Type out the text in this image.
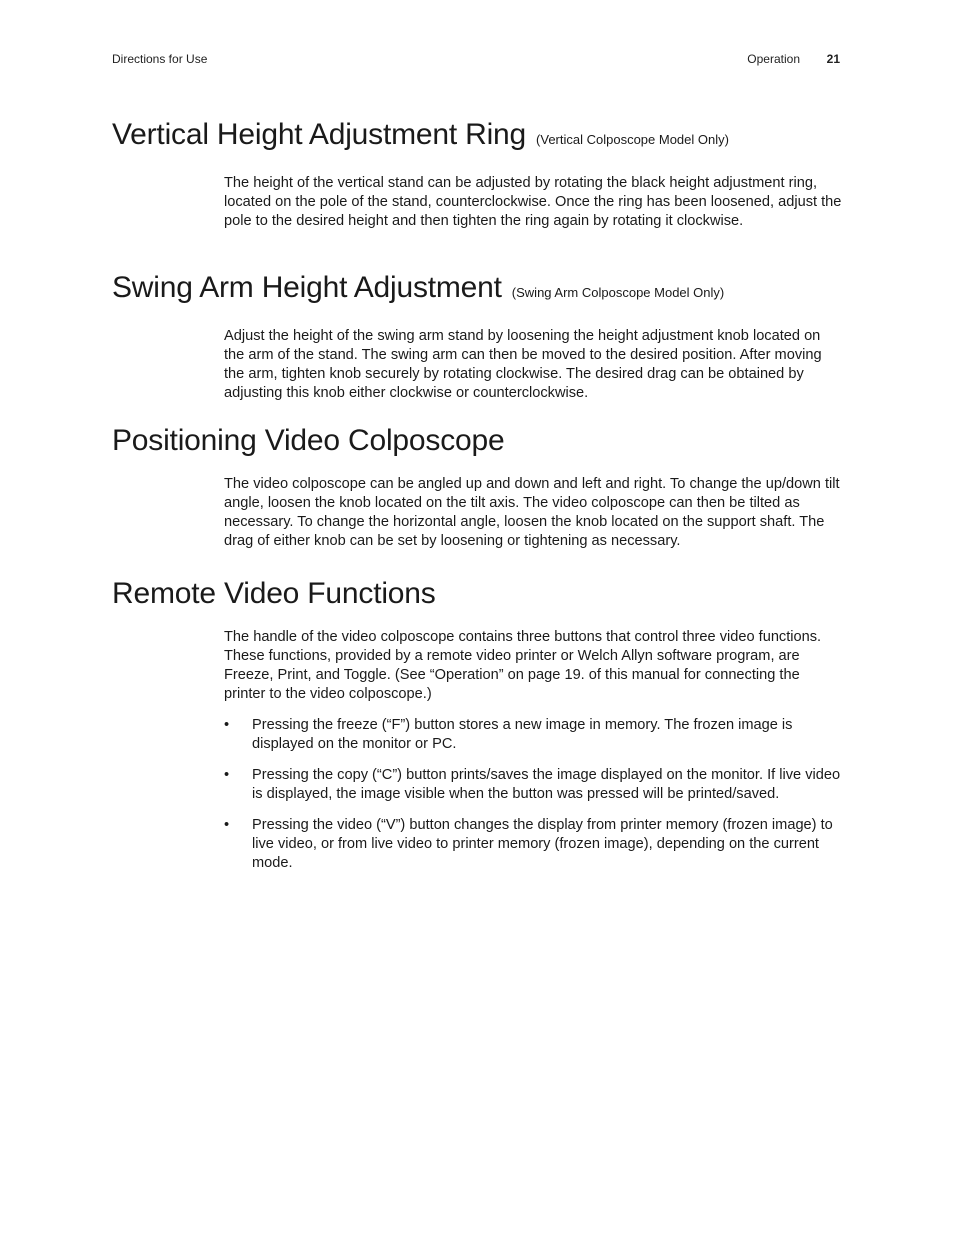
Directions for Use	Operation 21
Vertical Height Adjustment Ring (Vertical Colposcope Model Only)

The height of the vertical stand can be adjusted by rotating the black height adjustment ring, located on the pole of the stand, counterclockwise. Once the ring has been loosened, adjust the pole to the desired height and then tighten the ring again by rotating it clockwise.

Swing Arm Height Adjustment (Swing Arm Colposcope Model Only)

Adjust the height of the swing arm stand by loosening the height adjustment knob located on the arm of the stand. The swing arm can then be moved to the desired position. After moving the arm, tighten knob securely by rotating clockwise. The desired drag can be obtained by adjusting this knob either clockwise or counterclockwise.

Positioning Video Colposcope

The video colposcope can be angled up and down and left and right. To change the up/down tilt angle, loosen the knob located on the tilt axis. The video colposcope can then be tilted as necessary. To change the horizontal angle, loosen the knob located on the support shaft. The drag of either knob can be set by loosening or tightening as necessary.

Remote Video Functions

The handle of the video colposcope contains three buttons that control three video functions. These functions, provided by a remote video printer or Welch Allyn software program, are Freeze, Print, and Toggle. (See “Operation” on page 19. of this manual for connecting the printer to the video colposcope.)

• Pressing the freeze (“F”) button stores a new image in memory. The frozen image is displayed on the monitor or PC.
• Pressing the copy (“C”) button prints/saves the image displayed on the monitor. If live video is displayed, the image visible when the button was pressed will be printed/saved.
• Pressing the video (“V”) button changes the display from printer memory (frozen image) to live video, or from live video to printer memory (frozen image), depending on the current mode.
